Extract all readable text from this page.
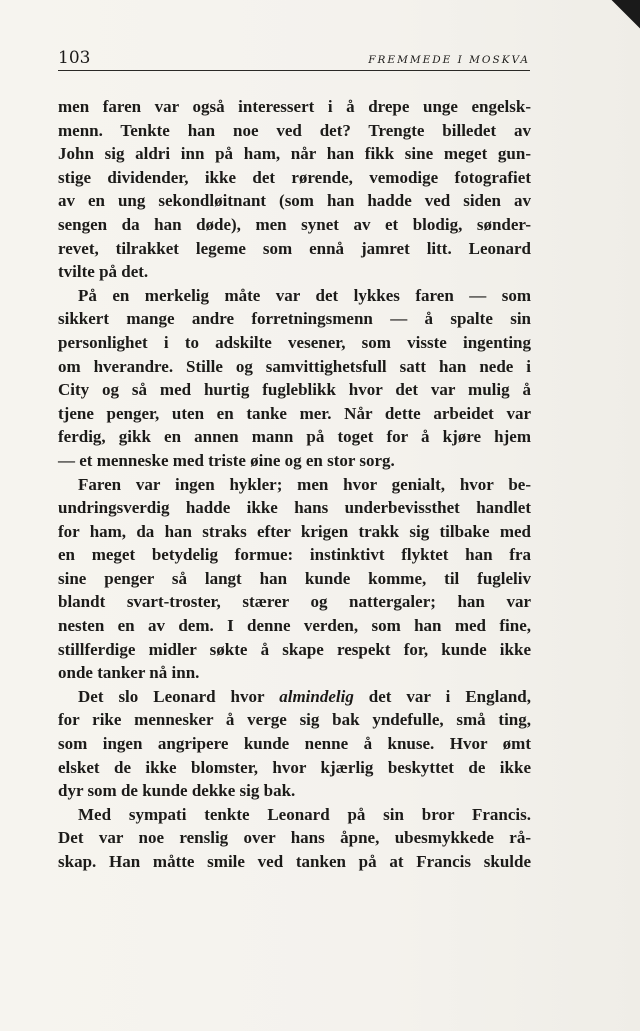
103	FREMMEDE I MOSKVA
men faren var også interessert i å drepe unge engelsk-
menn. Tenkte han noe ved det? Trengte billedet av
John sig aldri inn på ham, når han fikk sine meget gun-
stige dividender, ikke det rørende, vemodige fotografiet
av en ung sekondløitnant (som han hadde ved siden av
sengen da han døde), men synet av et blodig, sønder-
revet, tilrakket legeme som ennå jamret litt. Leonard
tvilte på det.
På en merkelig måte var det lykkes faren — som
sikkert mange andre forretningsmenn — å spalte sin
personlighet i to adskilte vesener, som visste ingenting
om hverandre. Stille og samvittighetsfull satt han nede i
City og så med hurtig fugleblikk hvor det var mulig å
tjene penger, uten en tanke mer. Når dette arbeidet var
ferdig, gikk en annen mann på toget for å kjøre hjem
— et menneske med triste øine og en stor sorg.
Faren var ingen hykler; men hvor genialt, hvor be-
undringsverdig hadde ikke hans underbevissthet handlet
for ham, da han straks efter krigen trakk sig tilbake med
en meget betydelig formue: instinktivt flyktet han fra
sine penger så langt han kunde komme, til fugleliv
blandt svart-troster, stærer og nattergaler; han var
nesten en av dem. I denne verden, som han med fine,
stillferdige midler søkte å skape respekt for, kunde ikke
onde tanker nå inn.
Det slo Leonard hvor almindelig det var i England,
for rike mennesker å verge sig bak yndefulle, små ting,
som ingen angripere kunde nenne å knuse. Hvor ømt
elsket de ikke blomster, hvor kjærlig beskyttet de ikke
dyr som de kunde dekke sig bak.
Med sympati tenkte Leonard på sin bror Francis.
Det var noe renslig over hans åpne, ubesmykkede rå-
skap. Han måtte smile ved tanken på at Francis skulde
